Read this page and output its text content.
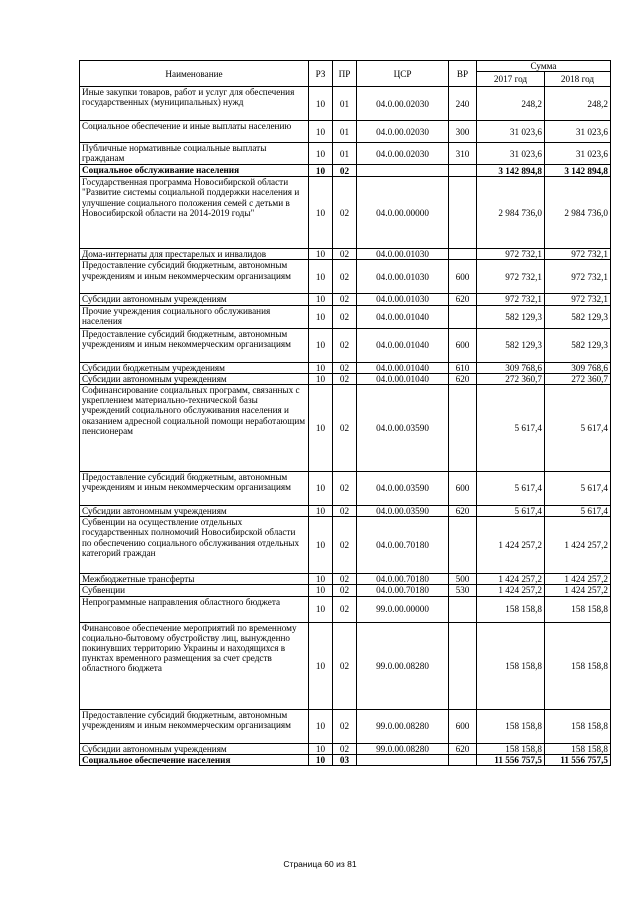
Наименование	РЗ	ПР	ЦСР	ВР	Сумма	
					2017 год	2018 год
Иные закупки товаров, работ и услуг для обеспечения государственных (муниципальных) нужд	10	01	04.0.00.02030	240	248,2	248,2
Социальное обеспечение и иные выплаты населению	10	01	04.0.00.02030	300	31 023,6	31 023,6
Публичные нормативные социальные выплаты гражданам	10	01	04.0.00.02030	310	31 023,6	31 023,6
Социальное обслуживание населения	10	02			3 142 894,8	3 142 894,8
Государственная программа Новосибирской области "Развитие системы социальной поддержки населения и улучшение социального положения семей с детьми в Новосибирской области на 2014-2019 годы"	10	02	04.0.00.00000		2 984 736,0	2 984 736,0
Дома-интернаты для престарелых и инвалидов	10	02	04.0.00.01030		972 732,1	972 732,1
Предоставление субсидий бюджетным, автономным учреждениям и иным некоммерческим организациям	10	02	04.0.00.01030	600	972 732,1	972 732,1
Субсидии автономным учреждениям	10	02	04.0.00.01030	620	972 732,1	972 732,1
Прочие учреждения социального обслуживания населения	10	02	04.0.00.01040		582 129,3	582 129,3
Предоставление субсидий бюджетным, автономным учреждениям и иным некоммерческим организациям	10	02	04.0.00.01040	600	582 129,3	582 129,3
Субсидии бюджетным учреждениям	10	02	04.0.00.01040	610	309 768,6	309 768,6
Субсидии автономным учреждениям	10	02	04.0.00.01040	620	272 360,7	272 360,7
Софинансирование социальных программ, связанных с укреплением материально-технической базы учреждений социального обслуживания населения и оказанием адресной социальной помощи неработающим пенсионерам	10	02	04.0.00.03590		5 617,4	5 617,4
Предоставление субсидий бюджетным, автономным учреждениям и иным некоммерческим организациям	10	02	04.0.00.03590	600	5 617,4	5 617,4
Субсидии автономным учреждениям	10	02	04.0.00.03590	620	5 617,4	5 617,4
Субвенции на осуществление отдельных государственных полномочий Новосибирской области по обеспечению социального обслуживания отдельных категорий граждан	10	02	04.0.00.70180		1 424 257,2	1 424 257,2
Межбюджетные трансферты	10	02	04.0.00.70180	500	1 424 257,2	1 424 257,2
Субвенции	10	02	04.0.00.70180	530	1 424 257,2	1 424 257,2
Непрограммные направления областного бюджета	10	02	99.0.00.00000		158 158,8	158 158,8
Финансовое обеспечение мероприятий по временному социально-бытовому обустройству лиц, вынужденно покинувших территорию Украины и находящихся в пунктах временного размещения за счет средств областного бюджета	10	02	99.0.00.08280		158 158,8	158 158,8
Предоставление субсидий бюджетным, автономным учреждениям и иным некоммерческим организациям	10	02	99.0.00.08280	600	158 158,8	158 158,8
Субсидии автономным учреждениям	10	02	99.0.00.08280	620	158 158,8	158 158,8
Социальное обеспечение населения	10	03			11 556 757,5	11 556 757,5
Страница 60 из 81
